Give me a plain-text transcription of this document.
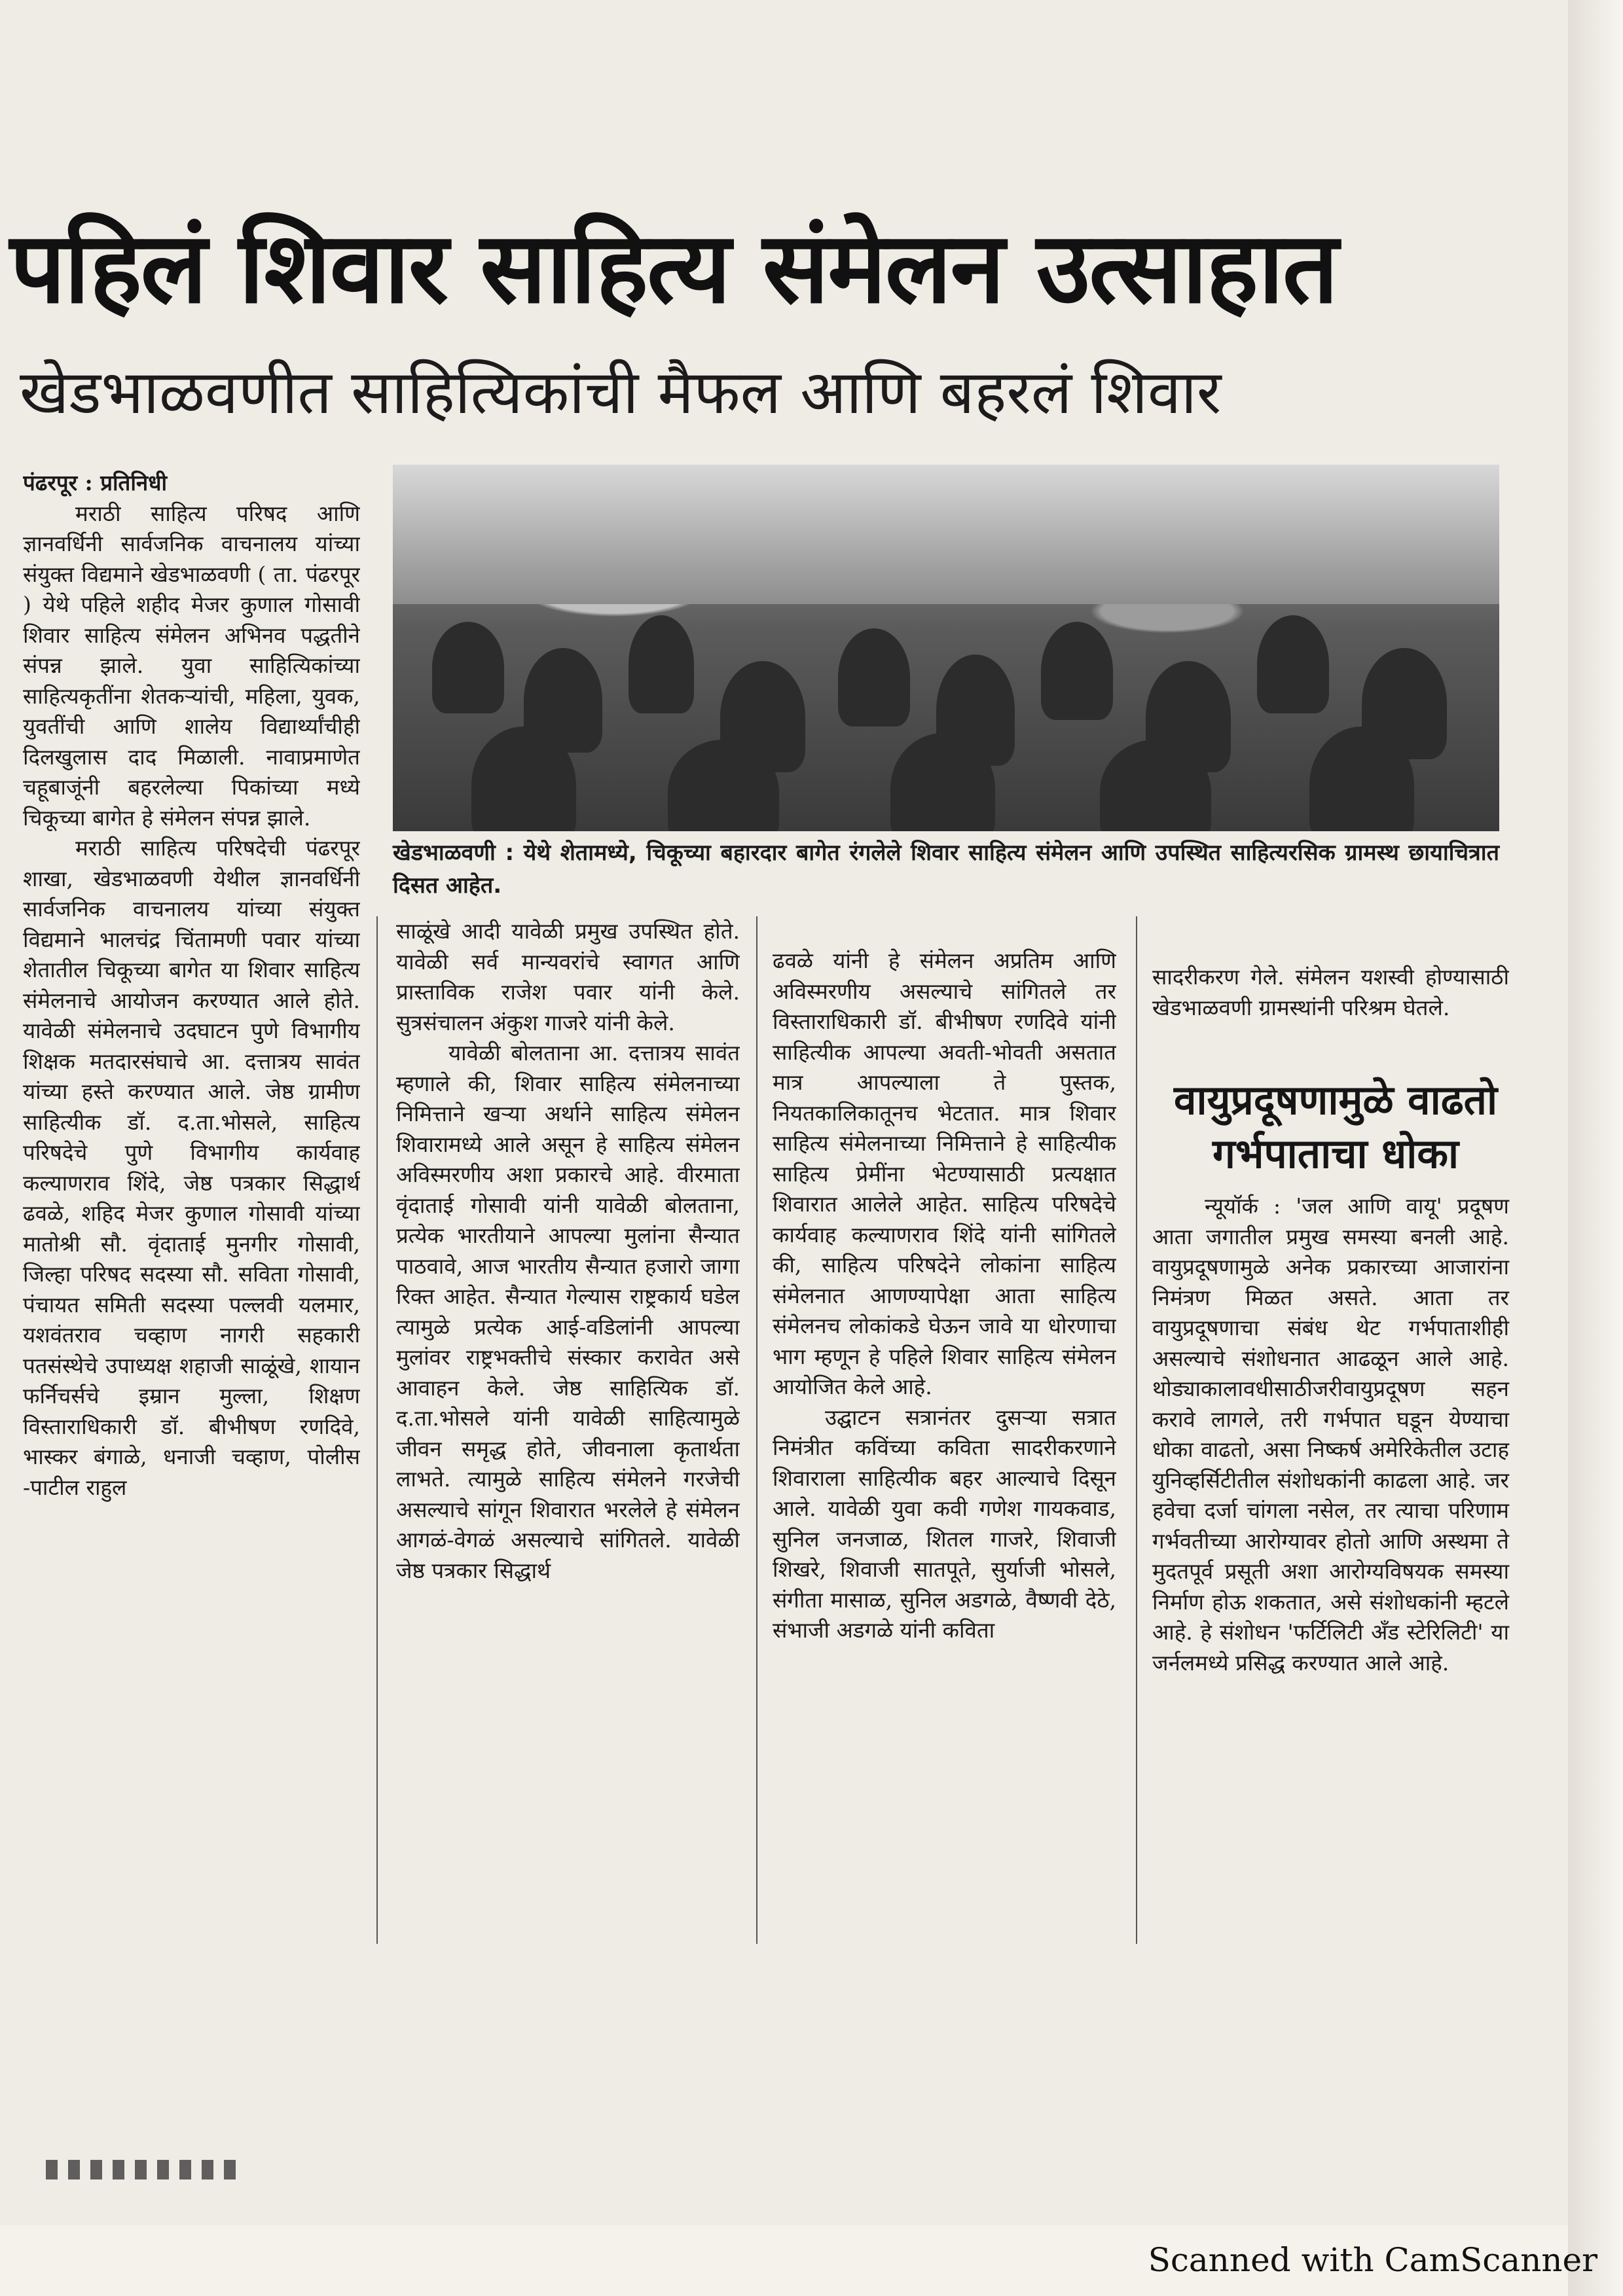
पहिलं शिवार साहित्य संमेलन उत्साहात
खेडभाळवणीत साहित्यिकांची मैफल आणि बहरलं शिवार
पंढरपूर : प्रतिनिधी

मराठी साहित्य परिषद आणि ज्ञानवर्धिनी सार्वजनिक वाचनालय यांच्या संयुक्त विद्यमाने खेडभाळवणी ( ता. पंढरपूर ) येथे पहिले शहीद मेजर कुणाल गोसावी शिवार साहित्य संमेलन अभिनव पद्धतीने संपन्न झाले. युवा साहित्यिकांच्या साहित्यकृतींना शेतकऱ्यांची, महिला, युवक, युवतींची आणि शालेय विद्यार्थ्यांचीही दिलखुलास दाद मिळाली. नावाप्रमाणेत चहूबाजूंनी बहरलेल्या पिकांच्या मध्ये चिकूच्या बागेत हे संमेलन संपन्न झाले.

मराठी साहित्य परिषदेची पंढरपूर शाखा, खेडभाळवणी येथील ज्ञानवर्धिनी सार्वजनिक वाचनालय यांच्या संयुक्त विद्यमाने भालचंद्र चिंतामणी पवार यांच्या शेतातील चिकूच्या बागेत या शिवार साहित्य संमेलनाचे आयोजन करण्यात आले होते. यावेळी संमेलनाचे उदघाटन पुणे विभागीय शिक्षक मतदारसंघाचे आ. दत्तात्रय सावंत यांच्या हस्ते करण्यात आले. जेष्ठ ग्रामीण साहित्यीक डॉ. द.ता.भोसले, साहित्य परिषदेचे पुणे विभागीय कार्यवाह कल्याणराव शिंदे, जेष्ठ पत्रकार सिद्धार्थ ढवळे, शहिद मेजर कुणाल गोसावी यांच्या मातोश्री सौ. वृंदाताई मुनगीर गोसावी, जिल्हा परिषद सदस्या सौ. सविता गोसावी, पंचायत समिती सदस्या पल्लवी यलमार, यशवंतराव चव्हाण नागरी सहकारी पतसंस्थेचे उपाध्यक्ष शहाजी साळूंखे, शायान फर्निचर्सचे इम्रान मुल्ला, शिक्षण विस्ताराधिकारी डॉ. बीभीषण रणदिवे, भास्कर बंगाळे, धनाजी चव्हाण, पोलीस -पाटील राहुल

खेडभाळवणी : येथे शेतामध्ये, चिकूच्या बहारदार बागेत रंगलेले शिवार साहित्य संमेलन आणि उपस्थित साहित्यरसिक ग्रामस्थ छायाचित्रात दिसत आहेत.

साळूंखे आदी यावेळी प्रमुख उपस्थित होते. यावेळी सर्व मान्यवरांचे स्वागत आणि प्रास्ताविक राजेश पवार यांनी केले. सुत्रसंचालन अंकुश गाजरे यांनी केले.

यावेळी बोलताना आ. दत्तात्रय सावंत म्हणाले की, शिवार साहित्य संमेलनाच्या निमित्ताने खऱ्या अर्थाने साहित्य संमेलन शिवारामध्ये आले असून हे साहित्य संमेलन अविस्मरणीय अशा प्रकारचे आहे. वीरमाता वृंदाताई गोसावी यांनी यावेळी बोलताना, प्रत्येक भारतीयाने आपल्या मुलांना सैन्यात पाठवावे, आज भारतीय सैन्यात हजारो जागा रिक्त आहेत. सैन्यात गेल्यास राष्ट्रकार्य घडेल त्यामुळे प्रत्येक आई-वडिलांनी आपल्या मुलांवर राष्ट्रभक्तीचे संस्कार करावेत असे आवाहन केले. जेष्ठ साहित्यिक डॉ. द.ता.भोसले यांनी यावेळी साहित्यामुळे जीवन समृद्ध होते, जीवनाला कृतार्थता लाभते. त्यामुळे साहित्य संमेलने गरजेची असल्याचे सांगून शिवारात भरलेले हे संमेलन आगळं-वेगळं असल्याचे सांगितले. यावेळी जेष्ठ पत्रकार सिद्धार्थ

ढवळे यांनी हे संमेलन अप्रतिम आणि अविस्मरणीय असल्याचे सांगितले तर विस्ताराधिकारी डॉ. बीभीषण रणदिवे यांनी साहित्यीक आपल्या अवती-भोवती असतात मात्र आपल्याला ते पुस्तक, नियतकालिकातूनच भेटतात. मात्र शिवार साहित्य संमेलनाच्या निमित्ताने हे साहित्यीक साहित्य प्रेमींना भेटण्यासाठी प्रत्यक्षात शिवारात आलेले आहेत. साहित्य परिषदेचे कार्यवाह कल्याणराव शिंदे यांनी सांगितले की, साहित्य परिषदेने लोकांना साहित्य संमेलनात आणण्यापेक्षा आता साहित्य संमेलनच लोकांकडे घेऊन जावे या धोरणाचा भाग म्हणून हे पहिले शिवार साहित्य संमेलन आयोजित केले आहे.

उद्घाटन सत्रानंतर दुसऱ्या सत्रात निमंत्रीत कविंच्या कविता सादरीकरणाने शिवाराला साहित्यीक बहर आल्याचे दिसून आले. यावेळी युवा कवी गणेश गायकवाड, सुनिल जनजाळ, शितल गाजरे, शिवाजी शिखरे, शिवाजी सातपूते, सुर्याजी भोसले, संगीता मासाळ, सुनिल अडगळे, वैष्णवी देठे, संभाजी अडगळे यांनी कविता

सादरीकरण गेले. संमेलन यशस्वी होण्यासाठी खेडभाळवणी ग्रामस्थांनी परिश्रम घेतले.

वायुप्रदूषणामुळे वाढतो गर्भपाताचा धोका

न्यूयॉर्क : 'जल आणि वायू' प्रदूषण आता जगातील प्रमुख समस्या बनली आहे. वायुप्रदूषणामुळे अनेक प्रकारच्या आजारांना निमंत्रण मिळत असते. आता तर वायुप्रदूषणाचा संबंध थेट गर्भपाताशीही असल्याचे संशोधनात आढळून आले आहे. थोड्याकालावधीसाठीजरीवायुप्रदूषण सहन करावे लागले, तरी गर्भपात घडून येण्याचा धोका वाढतो, असा निष्कर्ष अमेरिकेतील उटाह युनिव्हर्सिटीतील संशोधकांनी काढला आहे. जर हवेचा दर्जा चांगला नसेल, तर त्याचा परिणाम गर्भवतीच्या आरोग्यावर होतो आणि अस्थमा ते मुदतपूर्व प्रसूती अशा आरोग्यविषयक समस्या निर्माण होऊ शकतात, असे संशोधकांनी म्हटले आहे. हे संशोधन 'फर्टिलिटी अँड स्टेरिलिटी' या जर्नलमध्ये प्रसिद्ध करण्यात आले आहे.

Scanned with CamScanner
